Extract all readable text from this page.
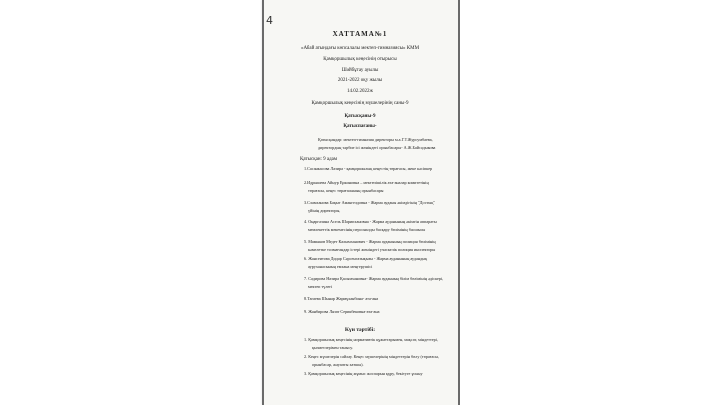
4
ХАТТАМА№1
«Абай атындағы көпсалалы мектеп-гимназиясы» КММ
Қамқоршылық кеңесінің отырысы
Шәйбұтау ауылы
2021-2022 оқу жылы
14.02.2022ж
Қамқоршылық кеңесінің мүшелерінің саны-9
Қатысқаны-9
Қатыспағаны-
Қатысқандар: мектеп-гимназия директоры м.а.Г.Т.Журсумбаева,
директордың тәрбие ісі жөніндегі орынбасары- А.Ж.Байсадыкова
Қатысқан: 9 адам
1.Сасанкасова Лазира - қамқоршылық кеңестің төрағасы, жеке кәсіпкер
2.Идрышева Айнур Еркиновна – мектепішілік ата-аналар комитетінің
төрағасы, кеңес төрағасының орынбасары
3.Сламханова Бақыт Амангелдовна - Жарма ауданы әкімдігінің "Достық"
үйінің директоры,
4. Оңаргазина Асель Шарипхановна - Жарма ауданының әкімгін аппараты
мемлекеттік мекемесінің персоналды басқару бөлімінің басшысы
5. Мамыков Медет Калымханович - Жарма ауданының полиция бөлімінің
кәмелетке толмағандар істері жөніндегі учаскелік полиция инспекторы
6. Жансеитова Дидар Сәрсенгазықызы - Жарма ауданының аудандық
ауруханасының емхана меңгерушісі
7. Садирова Назира Қасымхановна- Жарма ауданның білім бөлімінің әдіскері,
мектеп түлегі
8.Тагаева Шынар Жармұханбина- ата-ана
9. Жанбирова Лязат Серикбековна-ата-ана
Күн тәртібі:
1. Қамқоршылық кеңесінің нормативтік құжаттарымен, мақсат, міндеттері,
қызметлерімен танысу.
2. Кеңес мүшелерін сайлау. Кеңес мүшелерінің міндеттерін бөлу (төрағасы,
орынбасар, жауапты хатшы).
3. Қамқоршылық кеңесінің жұмыс жоспарын құру, бекітуге ұсыну
